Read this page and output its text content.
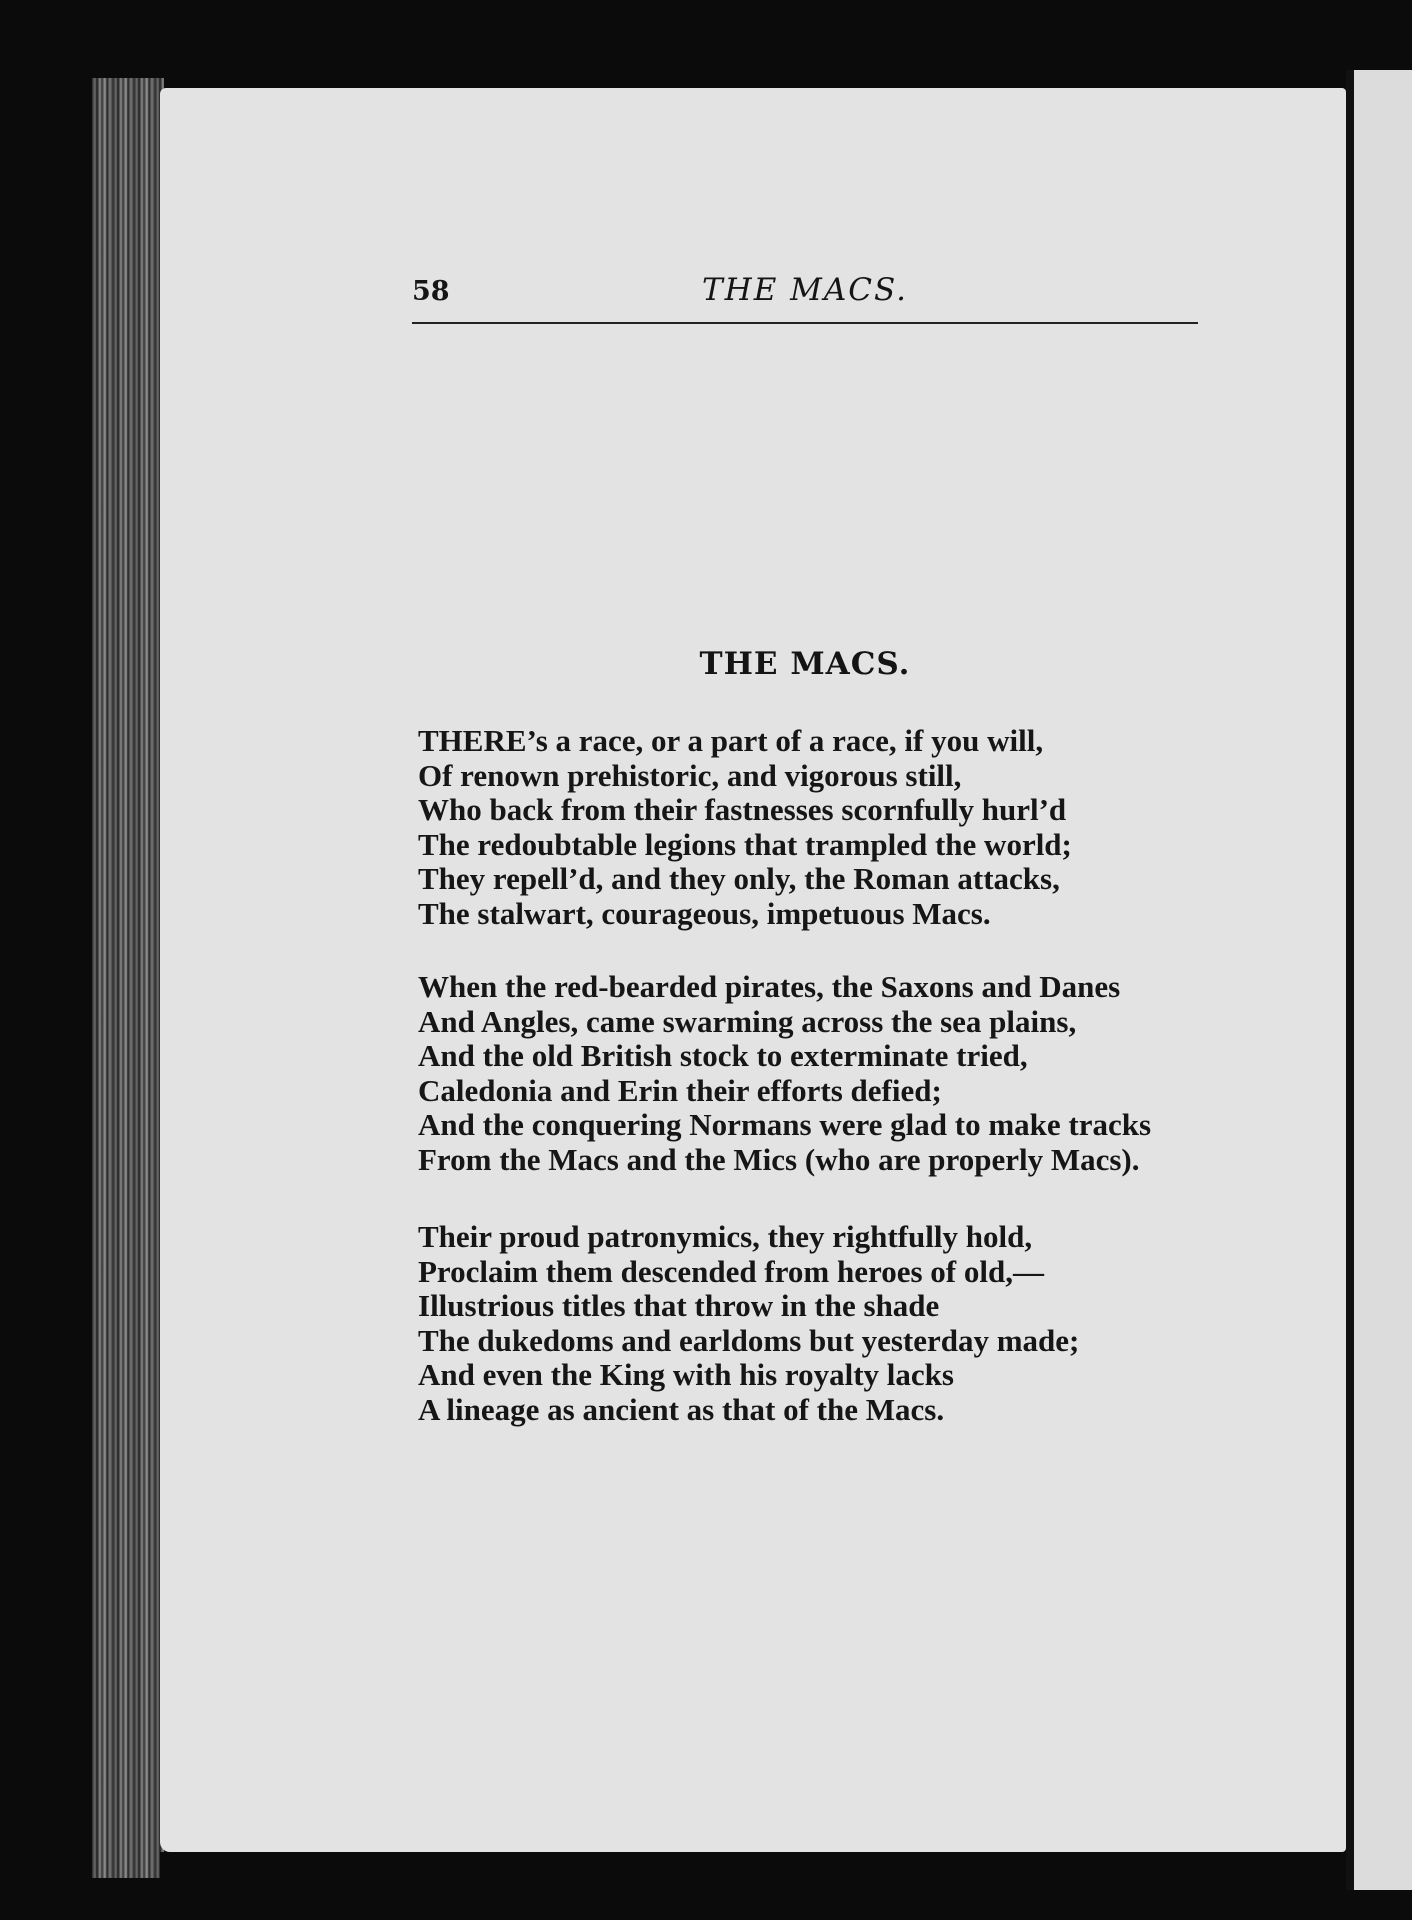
58	THE MACS.
THE MACS.
THERE’s a race, or a part of a race, if you will,
Of renown prehistoric, and vigorous still,
Who back from their fastnesses scornfully hurl’d
The redoubtable legions that trampled the world;
They repell’d, and they only, the Roman attacks,
The stalwart, courageous, impetuous Macs.
When the red-bearded pirates, the Saxons and Danes
And Angles, came swarming across the sea plains,
And the old British stock to exterminate tried,
Caledonia and Erin their efforts defied;
And the conquering Normans were glad to make tracks
From the Macs and the Mics (who are properly Macs).
Their proud patronymics, they rightfully hold,
Proclaim them descended from heroes of old,—
Illustrious titles that throw in the shade
The dukedoms and earldoms but yesterday made;
And even the King with his royalty lacks
A lineage as ancient as that of the Macs.
